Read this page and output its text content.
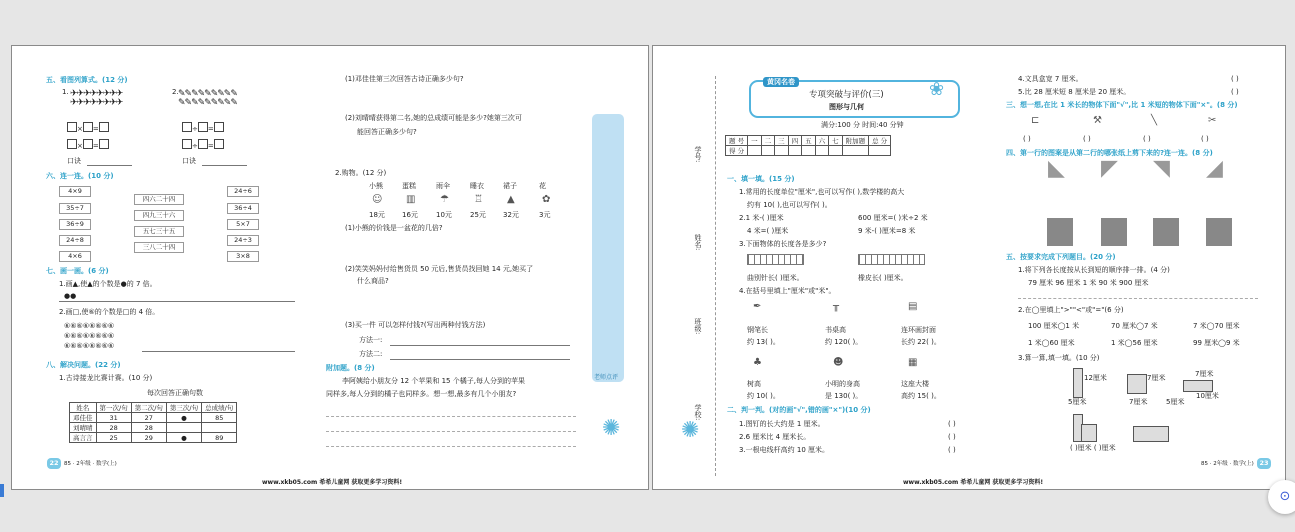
五、看图列算式。(12 分)
1. ✈✈✈✈✈✈✈✈
✈✈✈✈✈✈✈✈
× =
× =
口诀
2. ✎✎✎✎✎✎✎✎✎
✎✎✎✎✎✎✎✎✎
÷ =
÷ =
口诀
六、连一连。(10 分)
4×9
35÷7
36÷9
24÷8
4×6
四六二十四
四九三十六
五七三十五
三八二十四
24÷6
36÷4
5×7
24÷3
3×8
七、画一画。(6 分)
1.画▲,使▲的个数是●的 7 倍。
●●
2.画□,使⑥的个数是□的 4 倍。
⑥⑥⑥⑥⑥⑥⑥⑥
⑥⑥⑥⑥⑥⑥⑥⑥
⑥⑥⑥⑥⑥⑥⑥⑥
八、解决问题。(22 分)
1.古诗接龙比赛计赛。(10 分)
每次回答正确句数
姓名	第一次/句	第二次/句	第三次/句	总成绩/句
邓佳佳	31	27	●	85
刘晴晴	28	28		
高言言	25	29	●	89
22 85 · 2年级 · 数学(上)
www.xkb05.com 希希儿童网 获取更多学习资料!
(1)邓佳佳第三次回答古诗正确多少句?
(2)刘晴晴获得第二名,她的总成绩可能是多少?她第三次可
能回答正确多少句?
2.购物。(12 分)
小熊	蛋糕	雨伞	睡衣	裙子	花
☺ ▥ ☂	♖ ▲	✿
18元 16元	10元	25元 32元	3元
(1)小熊的价钱是一盆花的几倍?
(2)笑笑妈妈付给售货员 50 元后,售货员找回她 14 元,她买了
什么商品?
(3)买一件 可以怎样付钱?(写出两种付钱方法)
方法一:
方法二:
附加题。(8 分)
李阿姨给小朋友分 12 个苹果和 15 个橘子,每人分到的苹果
同样多,每人分到的橘子也同样多。想一想,最多有几个小朋友?
✺
老师点评
学号:
姓名:
班级:
学校:
黄冈名卷
专项突破与评价(三)
图形与几何
❀
满分:100 分 时间:40 分钟
题 号	一	二	三	四	五	六	七	附加题	总 分
得 分									
一、填一填。(15 分)
1.常用的长度单位"厘米",也可以写作( ),数学楼的高大
约有 10( ),也可以写作( )。
2.1 米-( )厘米	600 厘米=( )米÷2 米
4 米=( )厘米	9 米-( )厘米=8 米
3.下面物体的长度各是多少?
曲别针长( )厘米。	橡皮长( )厘米。
4.在括号里填上"厘米"或"米"。
✒	╥	▤
钢笔长	书桌高	连环画封面
约 13( )。	约 120( )。	长约 22( )。
♣	☻	▦
树高	小明的身高	这座大楼
约 10( )。	是 130( )。	高约 15( )。
二、判一判。(对的画"√",错的画"×")(10 分)
1.图钉的长大约是 1 厘米。	( )
2.6 厘米比 4 厘米长。	( )
3.一根电线杆高约 10 厘米。	( )
✺
4.文具盒宽 7 厘米。	( )
5.比 28 厘米短 8 厘米是 20 厘米。	( )
三、想一想,在比 1 米长的物体下面"√",比 1 米短的物体下面"×"。(8 分)
⊏	⚒	╲	✂
( )	( )	( )	( )
四、第一行的图案是从第二行的哪张纸上剪下来的?连一连。(8 分)
◣ ◤ ◥ ◢
五、按要求完成下列题目。(20 分)
1.将下列各长度按从长到短的顺序排一排。(4 分)
79 厘米 96 厘米 1 米 90 米 900 厘米
2.在◯里填上">""<"或"="(6 分)
100 厘米◯1 米	70 厘米◯7 米	7 米◯70 厘米
1 米◯60 厘米	1 米◯56 厘米	99 厘米◯9 米
3.算一算,填一填。(10 分)
12厘米
5厘米
7厘米
7厘米
7厘米
10厘米
5厘米
( )厘米 ( )厘米
23
85 · 2年级 · 数学(上)
www.xkb05.com 希希儿童网 获取更多学习资料!
⊙
